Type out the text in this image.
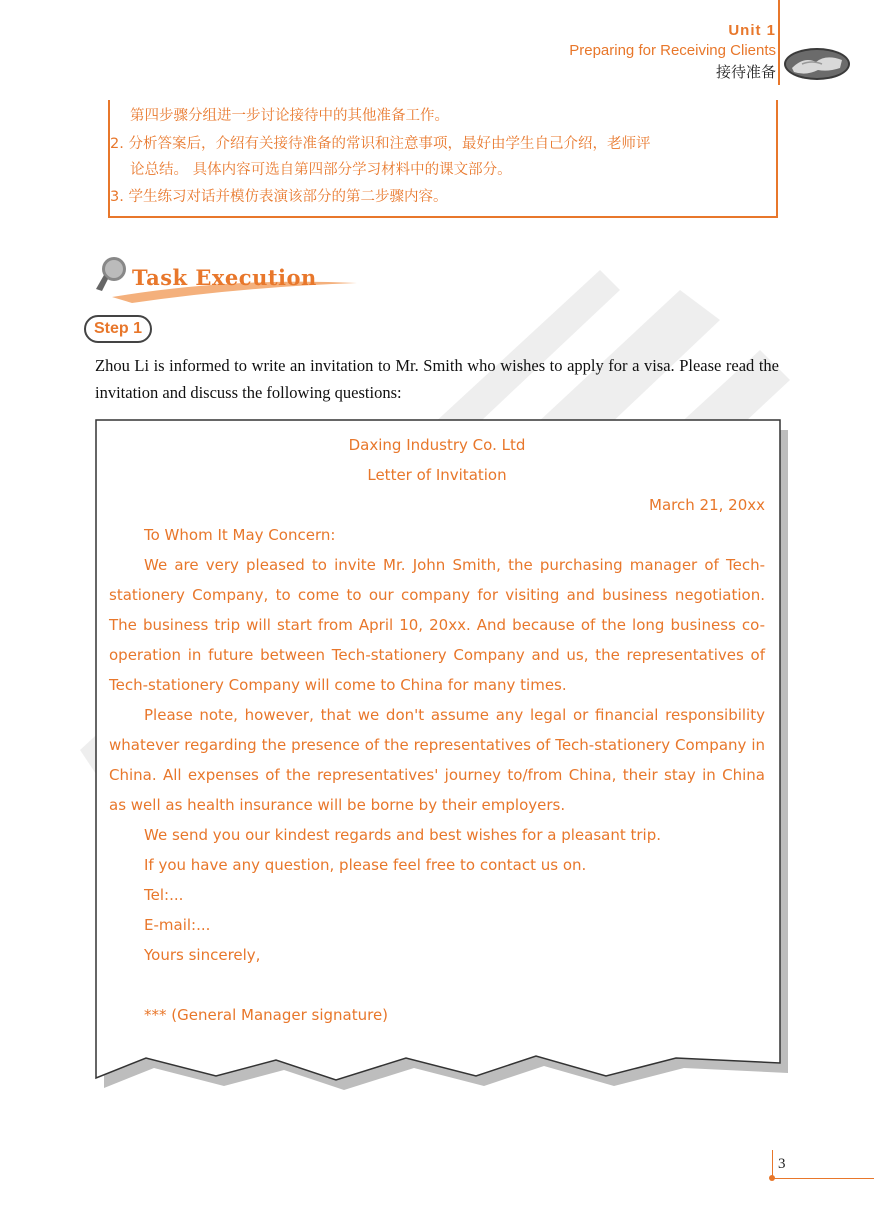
Unit 1
Preparing for Receiving Clients
接待准备
第四步骤分组进一步讨论接待中的其他准备工作。
2. 分析答案后，介绍有关接待准备的常识和注意事项，最好由学生自己介绍，老师评
论总结。 具体内容可选自第四部分学习材料中的课文部分。
3. 学生练习对话并模仿表演该部分的第二步骤内容。
Task Execution
Step 1
Zhou Li is informed to write an invitation to Mr. Smith who wishes to apply for a visa. Please read the invitation and discuss the following questions:
Daxing Industry Co. Ltd
Letter of Invitation
March 21, 20xx
To Whom It May Concern:

We are very pleased to invite Mr. John Smith, the purchasing manager of Tech-stationery Company, to come to our company for visiting and business negotiation. The business trip will start from April 10, 20xx. And because of the long business co-operation in future between Tech-stationery Company and us, the representatives of Tech-stationery Company will come to China for many times.

Please note, however, that we don't assume any legal or financial responsibility whatever regarding the presence of the representatives of Tech-stationery Company in China. All expenses of the representatives' journey to/from China, their stay in China as well as health insurance will be borne by their employers.

We send you our kindest regards and best wishes for a pleasant trip.
If you have any question, please feel free to contact us on.
Tel:...
E-mail:...
Yours sincerely,
*** (General Manager signature)
3
